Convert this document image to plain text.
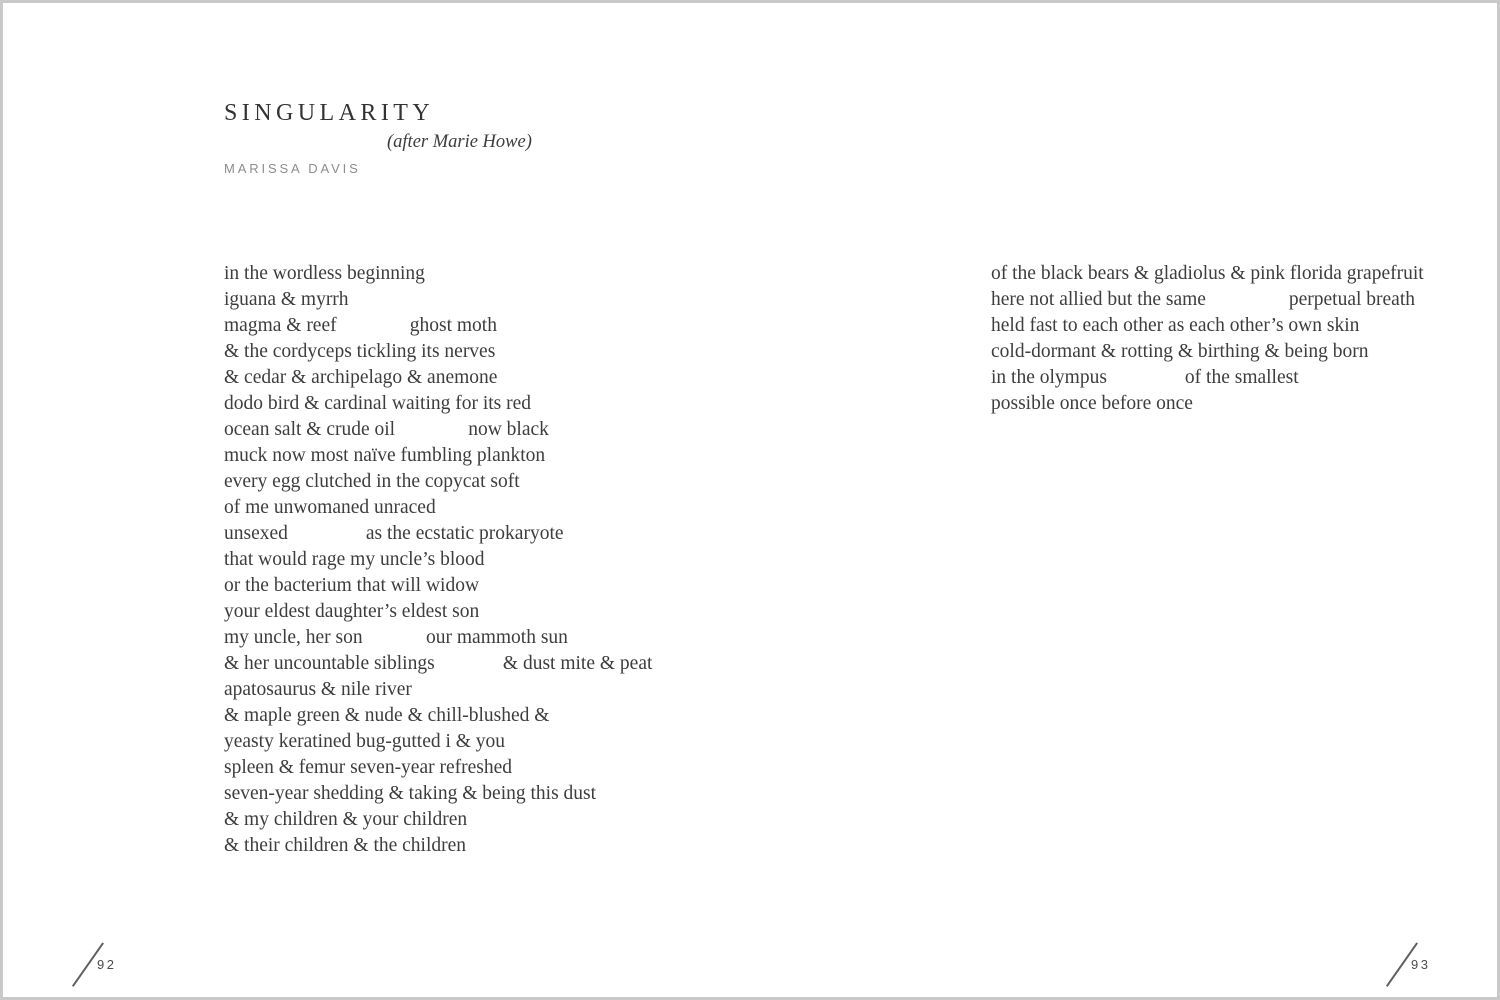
SINGULARITY
(after Marie Howe)
MARISSA DAVIS
in the wordless beginning
iguana & myrrh
magma & reef               ghost moth
& the cordyceps tickling its nerves
& cedar & archipelago & anemone
dodo bird & cardinal waiting for its red
ocean salt & crude oil               now black
muck now most naïve fumbling plankton
every egg clutched in the copycat soft
of me unwomaned unraced
unsexed                as the ecstatic prokaryote
that would rage my uncle’s blood
or the bacterium that will widow
your eldest daughter’s eldest son
my uncle, her son             our mammoth sun
& her uncountable siblings              & dust mite & peat
apatosaurus & nile river
& maple green & nude & chill-blushed &
yeasty keratined bug-gutted i & you
spleen & femur seven-year refreshed
seven-year shedding & taking & being this dust
& my children & your children
& their children & the children
of the black bears & gladiolus & pink florida grapefruit
here not allied but the same                 perpetual breath
held fast to each other as each other’s own skin
cold-dormant & rotting & birthing & being born
in the olympus                of the smallest
possible once before once
92	93
